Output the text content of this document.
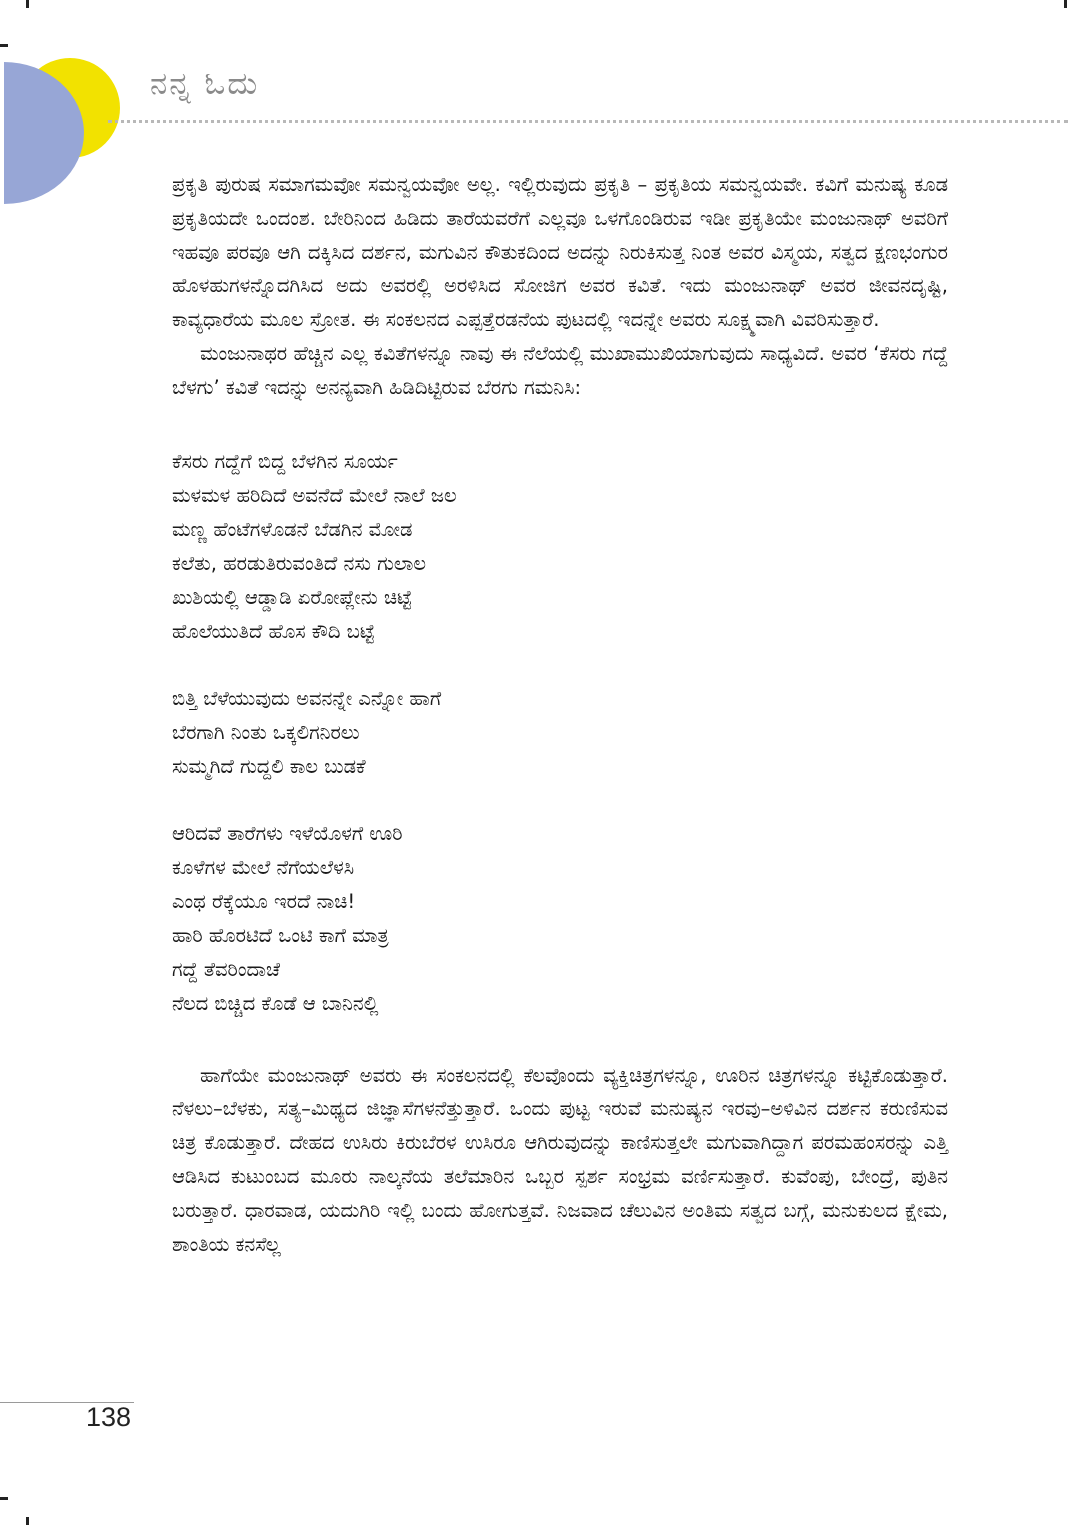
ನನ್ನ ಓದು

ಪ್ರಕೃತಿ ಪುರುಷ ಸಮಾಗಮವೋ ಸಮನ್ವಯವೋ ಅಲ್ಲ. ಇಲ್ಲಿರುವುದು ಪ್ರಕೃತಿ – ಪ್ರಕೃತಿಯ ಸಮನ್ವಯವೇ. ಕವಿಗೆ ಮನುಷ್ಯ ಕೂಡ ಪ್ರಕೃತಿಯದೇ ಒಂದಂಶ. ಬೇರಿನಿಂದ ಹಿಡಿದು ತಾರೆಯವರೆಗೆ ಎಲ್ಲವೂ ಒಳಗೊಂಡಿರುವ ಇಡೀ ಪ್ರಕೃತಿಯೇ ಮಂಜುನಾಥ್ ಅವರಿಗೆ ಇಹವೂ ಪರವೂ ಆಗಿ ದಕ್ಕಿಸಿದ ದರ್ಶನ, ಮಗುವಿನ ಕೌತುಕದಿಂದ ಅದನ್ನು ನಿರುಕಿಸುತ್ತ ನಿಂತ ಅವರ ವಿಸ್ಮಯ, ಸತ್ವದ ಕ್ಷಣಭಂಗುರ ಹೊಳಹುಗಳನ್ನೊದಗಿಸಿದ ಅದು ಅವರಲ್ಲಿ ಅರಳಿಸಿದ ಸೋಜಿಗ ಅವರ ಕವಿತೆ. ಇದು ಮಂಜುನಾಥ್ ಅವರ ಜೀವನದೃಷ್ಟಿ, ಕಾವ್ಯಧಾರೆಯ ಮೂಲ ಸ್ರೋತ. ಈ ಸಂಕಲನದ ಎಪ್ಪತ್ತೆರಡನೆಯ ಪುಟದಲ್ಲಿ ಇದನ್ನೇ ಅವರು ಸೂಕ್ಷ್ಮವಾಗಿ ವಿವರಿಸುತ್ತಾರೆ.

ಮಂಜುನಾಥರ ಹೆಚ್ಚಿನ ಎಲ್ಲ ಕವಿತೆಗಳನ್ನೂ ನಾವು ಈ ನೆಲೆಯಲ್ಲಿ ಮುಖಾಮುಖಿಯಾಗುವುದು ಸಾಧ್ಯವಿದೆ. ಅವರ ‘ಕೆಸರು ಗದ್ದೆ ಬೆಳಗು’ ಕವಿತೆ ಇದನ್ನು ಅನನ್ಯವಾಗಿ ಹಿಡಿದಿಟ್ಟಿರುವ ಬೆರಗು ಗಮನಿಸಿ:

ಕೆಸರು ಗದ್ದೆಗೆ ಬಿದ್ದ ಬೆಳಗಿನ ಸೂರ್ಯ
ಮಳಮಳ ಹರಿದಿದೆ ಅವನೆದೆ ಮೇಲೆ ನಾಲೆ ಜಲ
ಮಣ್ಣ ಹೆಂಟೆಗಳೊಡನೆ ಬೆಡಗಿನ ಮೋಡ
ಕಲೆತು, ಹರಡುತಿರುವಂತಿದೆ ನಸು ಗುಲಾಲ
ಖುಶಿಯಲ್ಲಿ ಆಡ್ಡಾಡಿ ಏರೋಪ್ಲೇನು ಚಿಟ್ಟೆ
ಹೊಲೆಯುತಿದೆ ಹೊಸ ಕೌದಿ ಬಟ್ಟೆ
ಬಿತ್ತಿ ಬೆಳೆಯುವುದು ಅವನನ್ನೇ ಎನ್ನೋ ಹಾಗೆ
ಬೆರಗಾಗಿ ನಿಂತು ಒಕ್ಕಲಿಗನಿರಲು
ಸುಮ್ಮಗಿದೆ ಗುದ್ದಲಿ ಕಾಲ ಬುಡಕೆ
ಆರಿದವೆ ತಾರೆಗಳು ಇಳೆಯೊಳಗೆ ಊರಿ
ಕೂಳೆಗಳ ಮೇಲೆ ನೆಗೆಯಲೆಳಸಿ
ಎಂಥ ರೆಕ್ಕೆಯೂ ಇರದೆ ನಾಚಿ!
ಹಾರಿ ಹೊರಟಿದೆ ಒಂಟಿ ಕಾಗೆ ಮಾತ್ರ
ಗದ್ದೆ ತೆವರಿಂದಾಚೆ
ನೆಲದ ಬಿಚ್ಚಿದ ಕೊಡೆ ಆ ಬಾನಿನಲ್ಲಿ

ಹಾಗೆಯೇ ಮಂಜುನಾಥ್ ಅವರು ಈ ಸಂಕಲನದಲ್ಲಿ ಕೆಲವೊಂದು ವ್ಯಕ್ತಿಚಿತ್ರಗಳನ್ನೂ, ಊರಿನ ಚಿತ್ರಗಳನ್ನೂ ಕಟ್ಟಿಕೊಡುತ್ತಾರೆ. ನೆಳಲು–ಬೆಳಕು, ಸತ್ಯ–ಮಿಥ್ಯದ ಜಿಜ್ಞಾಸೆಗಳನೆತ್ತುತ್ತಾರೆ. ಒಂದು ಪುಟ್ಟ ಇರುವೆ ಮನುಷ್ಯನ ಇರವು–ಅಳಿವಿನ ದರ್ಶನ ಕರುಣಿಸುವ ಚಿತ್ರ ಕೊಡುತ್ತಾರೆ. ದೇಹದ ಉಸಿರು ಕಿರುಬೆರಳ ಉಸಿರೂ ಆಗಿರುವುದನ್ನು ಕಾಣಿಸುತ್ತಲೇ ಮಗುವಾಗಿದ್ದಾಗ ಪರಮಹಂಸರನ್ನು ಎತ್ತಿ ಆಡಿಸಿದ ಕುಟುಂಬದ ಮೂರು ನಾಲ್ಕನೆಯ ತಲೆಮಾರಿನ ಒಬ್ಬರ ಸ್ಪರ್ಶ ಸಂಭ್ರಮ ವರ್ಣಿಸುತ್ತಾರೆ. ಕುವೆಂಪು, ಬೇಂದ್ರೆ, ಪುತಿನ ಬರುತ್ತಾರೆ. ಧಾರವಾಡ, ಯದುಗಿರಿ ಇಲ್ಲಿ ಬಂದು ಹೋಗುತ್ತವೆ. ನಿಜವಾದ ಚೆಲುವಿನ ಅಂತಿಮ ಸತ್ವದ ಬಗ್ಗೆ, ಮನುಕುಲದ ಕ್ಷೇಮ, ಶಾಂತಿಯ ಕನಸೆಲ್ಲ

138
